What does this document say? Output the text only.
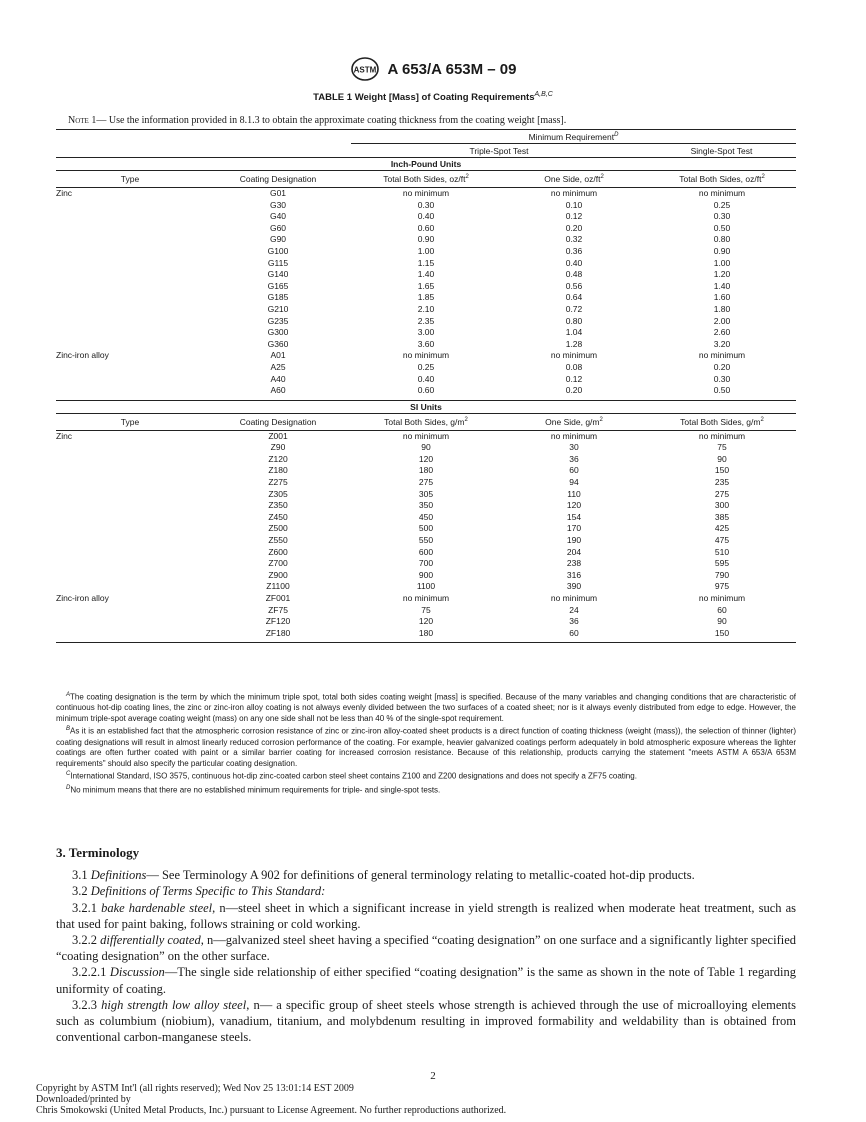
ASTM A 653/A 653M – 09
TABLE 1 Weight [Mass] of Coating Requirements$^{A,B,C}$
Note 1— Use the information provided in 8.1.3 to obtain the approximate coating thickness from the coating weight [mass].
Minimum Requirement$^D$
Triple-Spot Test	Single-Spot Test
Inch-Pound Units
Type	Coating Designation	Total Both Sides, $oz/ft^2$	One Side, $oz/ft^2$	Total Both Sides, $oz/ft^2$
Zinc	G01	no minimum	no minimum	no minimum
G30	0.30	0.10	0.25
G40	0.40	0.12	0.30
G60	0.60	0.20	0.50
G90	0.90	0.32	0.80
G100	1.00	0.36	0.90
G115	1.15	0.40	1.00
G140	1.40	0.48	1.20
G165	1.65	0.56	1.40
G185	1.85	0.64	1.60
G210	2.10	0.72	1.80
G235	2.35	0.80	2.00
G300	3.00	1.04	2.60
G360	3.60	1.28	3.20
Zinc-iron alloy	A01	no minimum	no minimum	no minimum
A25	0.25	0.08	0.20
A40	0.40	0.12	0.30
A60	0.60	0.20	0.50
SI Units
Type	Coating Designation	Total Both Sides, $g/m^2$	One Side, $g/m^2$	Total Both Sides, $g/m^2$
Zinc	Z001	no minimum	no minimum	no minimum
Z90	90	30	75
Z120	120	36	90
Z180	180	60	150
Z275	275	94	235
Z305	305	110	275
Z350	350	120	300
Z450	450	154	385
Z500	500	170	425
Z550	550	190	475
Z600	600	204	510
Z700	700	238	595
Z900	900	316	790
Z1100	1100	390	975
Zinc-iron alloy	ZF001	no minimum	no minimum	no minimum
ZF75	75	24	60
ZF120	120	36	90
ZF180	180	60	150

$^A$The coating designation is the term by which the minimum triple spot, total both sides coating weight [mass] is specified. Because of the many variables and changing conditions that are characteristic of continuous hot-dip coating lines, the zinc or zinc-iron alloy coating is not always evenly divided between the two surfaces of a coated sheet; nor is it always evenly distributed from edge to edge. However, the minimum triple-spot average coating weight (mass) on any one side shall not be less than 40 % of the single-spot requirement.

$^B$As it is an established fact that the atmospheric corrosion resistance of zinc or zinc-iron alloy-coated sheet products is a direct function of coating thickness (weight (mass)), the selection of thinner (lighter) coating designations will result in almost linearly reduced corrosion performance of the coating. For example, heavier galvanized coatings perform adequately in bold atmospheric exposure whereas the lighter coatings are often further coated with paint or a similar barrier coating for increased corrosion resistance. Because of this relationship, products carrying the statement "meets ASTM A 653/A 653M requirements" should also specify the particular coating designation.

$^C$International Standard, ISO 3575, continuous hot-dip zinc-coated carbon steel sheet contains Z100 and Z200 designations and does not specify a ZF75 coating.

$^D$No minimum means that there are no established minimum requirements for triple- and single-spot tests.

3. Terminology

3.1 Definitions— See Terminology A 902 for definitions of general terminology relating to metallic-coated hot-dip products.

3.2 Definitions of Terms Specific to This Standard:

3.2.1 bake hardenable steel, n—steel sheet in which a significant increase in yield strength is realized when moderate heat treatment, such as that used for paint baking, follows straining or cold working.

3.2.2 differentially coated, n—galvanized steel sheet having a specified “coating designation” on one surface and a significantly lighter specified “coating designation” on the other surface.

3.2.2.1 Discussion—The single side relationship of either specified “coating designation” is the same as shown in the note of Table 1 regarding uniformity of coating.

3.2.3 high strength low alloy steel, n— a specific group of sheet steels whose strength is achieved through the use of microalloying elements such as columbium (niobium), vanadium, titanium, and molybdenum resulting in improved formability and weldability than is obtained from conventional carbon-manganese steels.

2
Copyright by ASTM Int'l (all rights reserved); Wed Nov 25 13:01:14 EST 2009
Downloaded/printed by
Chris Smokowski (United Metal Products, Inc.) pursuant to License Agreement. No further reproductions authorized.
